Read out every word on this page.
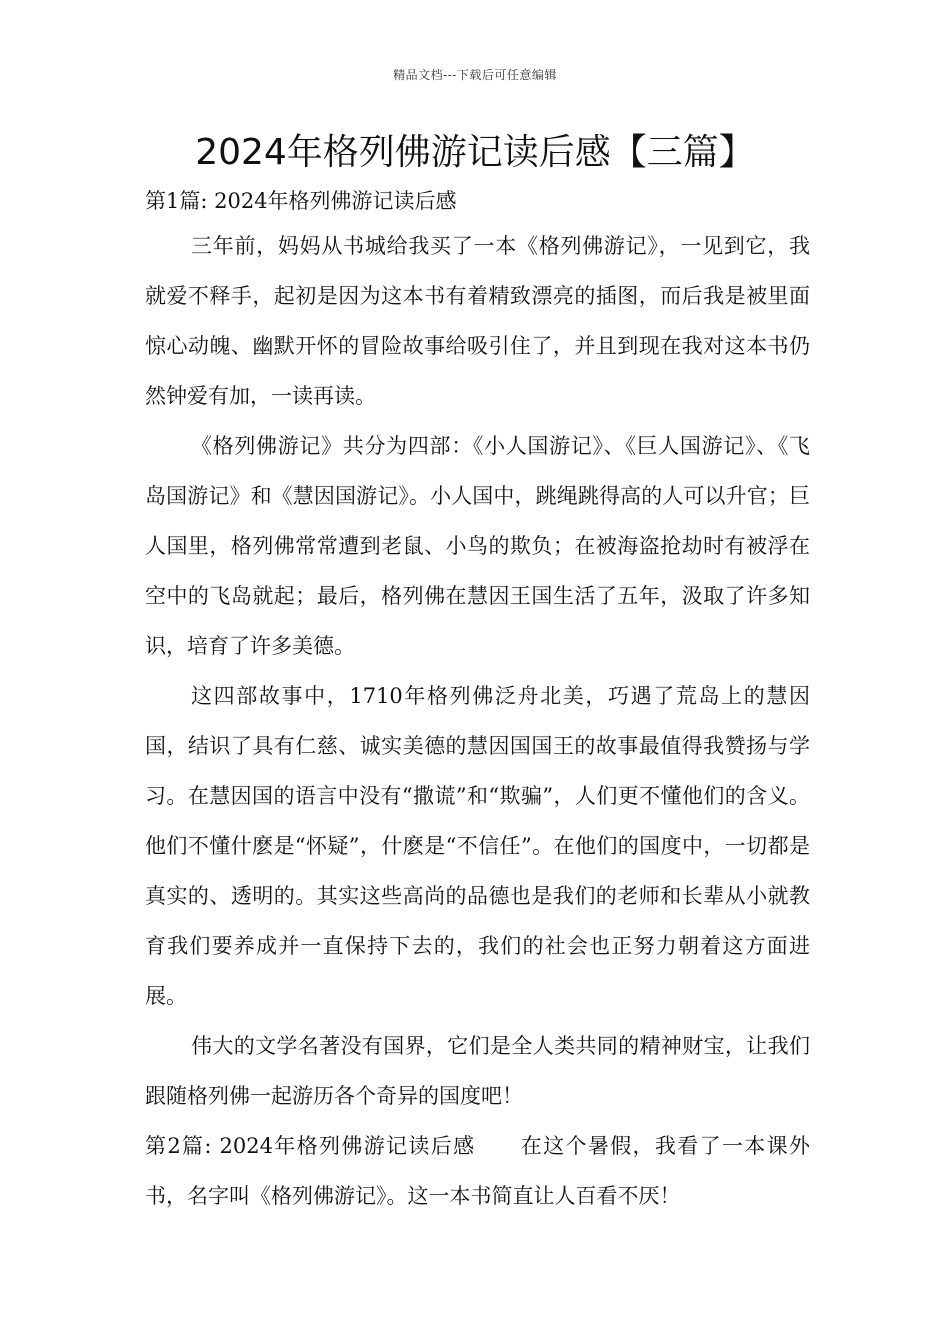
精品文档---下载后可任意编辑
2024年格列佛游记读后感【三篇】

第1篇: 2024年格列佛游记读后感

三年前，妈妈从书城给我买了一本《格列佛游记》，一见到它，我就爱不释手，起初是因为这本书有着精致漂亮的插图，而后我是被里面惊心动魄、幽默开怀的冒险故事给吸引住了，并且到现在我对这本书仍然钟爱有加，一读再读。

《格列佛游记》共分为四部：《小人国游记》、《巨人国游记》、《飞岛国游记》和《慧因国游记》。小人国中，跳绳跳得高的人可以升官；巨人国里，格列佛常常遭到老鼠、小鸟的欺负；在被海盗抢劫时有被浮在空中的飞岛就起；最后，格列佛在慧因王国生活了五年，汲取了许多知识，培育了许多美德。

这四部故事中，1710年格列佛泛舟北美，巧遇了荒岛上的慧因国，结识了具有仁慈、诚实美德的慧因国国王的故事最值得我赞扬与学习。在慧因国的语言中没有“撒谎”和“欺骗”，人们更不懂他们的含义。他们不懂什麽是“怀疑”，什麽是“不信任”。在他们的国度中，一切都是真实的、透明的。其实这些高尚的品德也是我们的老师和长辈从小就教育我们要养成并一直保持下去的，我们的社会也正努力朝着这方面进展。

伟大的文学名著没有国界，它们是全人类共同的精神财宝，让我们跟随格列佛一起游历各个奇异的国度吧！

第2篇: 2024年格列佛游记读后感 在这个暑假，我看了一本课外书，名字叫《格列佛游记》。这一本书简直让人百看不厌！
